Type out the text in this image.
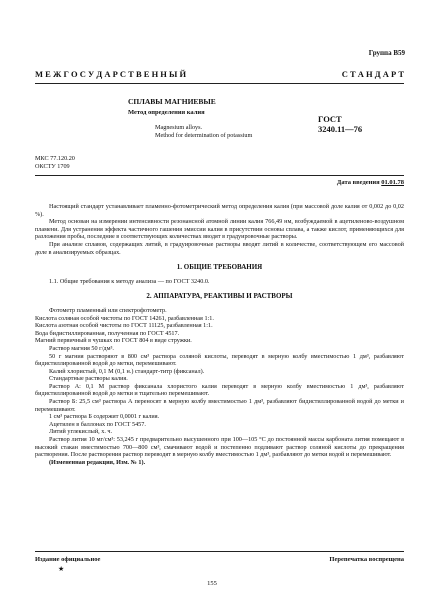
Группа В59
М Е Ж Г О С У Д А Р С Т В Е Н Н Ы Й	С Т А Н Д А Р Т
СПЛАВЫ МАГНИЕВЫЕ
Метод определения калия
Magnesium alloys.
Method for determination of potassium
ГОСТ
3240.11—76
МКС 77.120.20
ОКСТУ 1709
Дата введения 01.01.78

Настоящий стандарт устанавливает пламенно-фотометрический метод определения калия (при массовой доле калия от 0,002 до 0,02 %).

Метод основан на измерении интенсивности резонансной атомной линии калия 766,49 нм, возбуждаемой в ацетиленово-воздушном пламени. Для устранения эффекта частичного гашения эмиссии калия в присутствии основы сплава, а также кислот, применяющихся для разложения пробы, последние в соответствующих количествах вводят в градуировочные растворы.

При анализе сплавов, содержащих литий, в градуировочные растворы вводят литий в количестве, соответствующем его массовой доле в анализируемых образцах.

1. ОБЩИЕ ТРЕБОВАНИЯ

1.1. Общие требования к методу анализа — по ГОСТ 3240.0.

2. АППАРАТУРА, РЕАКТИВЫ И РАСТВОРЫ

Фотометр пламенный или спектрофотометр.

Кислота соляная особой чистоты по ГОСТ 14261, разбавленная 1:1.

Кислота азотная особой чистоты по ГОСТ 11125, разбавленная 1:1.

Вода бидистиллированная, полученная по ГОСТ 4517.

Магний первичный в чушках по ГОСТ 804 в виде стружки.

Раствор магния 50 г/дм³.

50 г магния растворяют в 800 см³ раствора соляной кислоты, переводят в мерную колбу вместимостью 1 дм³, разбавляют бидистиллированной водой до метки, перемешивают.

Калий хлористый, 0,1 М (0,1 н.) стандарт-титр (фиксанал).

Стандартные растворы калия.

Раствор А: 0,1 М раствор фиксанала хлористого калия переводят в мерную колбу вместимостью 1 дм³, разбавляют бидистиллированной водой до метки и тщательно перемешивают.

Раствор Б: 25,5 см³ раствора А переносят в мерную колбу вместимостью 1 дм³, разбавляют бидистиллированной водой до метки и перемешивают.

1 см³ раствора Б содержит 0,0001 г калия.

Ацетилен в баллонах по ГОСТ 5457.

Литий углекислый, х. ч.

Раствор лития 10 мг/см³: 53,245 г предварительно высушенного при 100—105 °С до постоянной массы карбоната лития помещают в высокий стакан вместимостью 700—800 см³, смачивают водой и постепенно подливают раствор соляной кислоты до прекращения растворения. После растворения раствор переводят в мерную колбу вместимостью 1 дм³, разбавляют до метки водой и перемешивают.

(Измененная редакция, Изм. № 1).

Издание официальное	Перепечатка воспрещена
★
155
